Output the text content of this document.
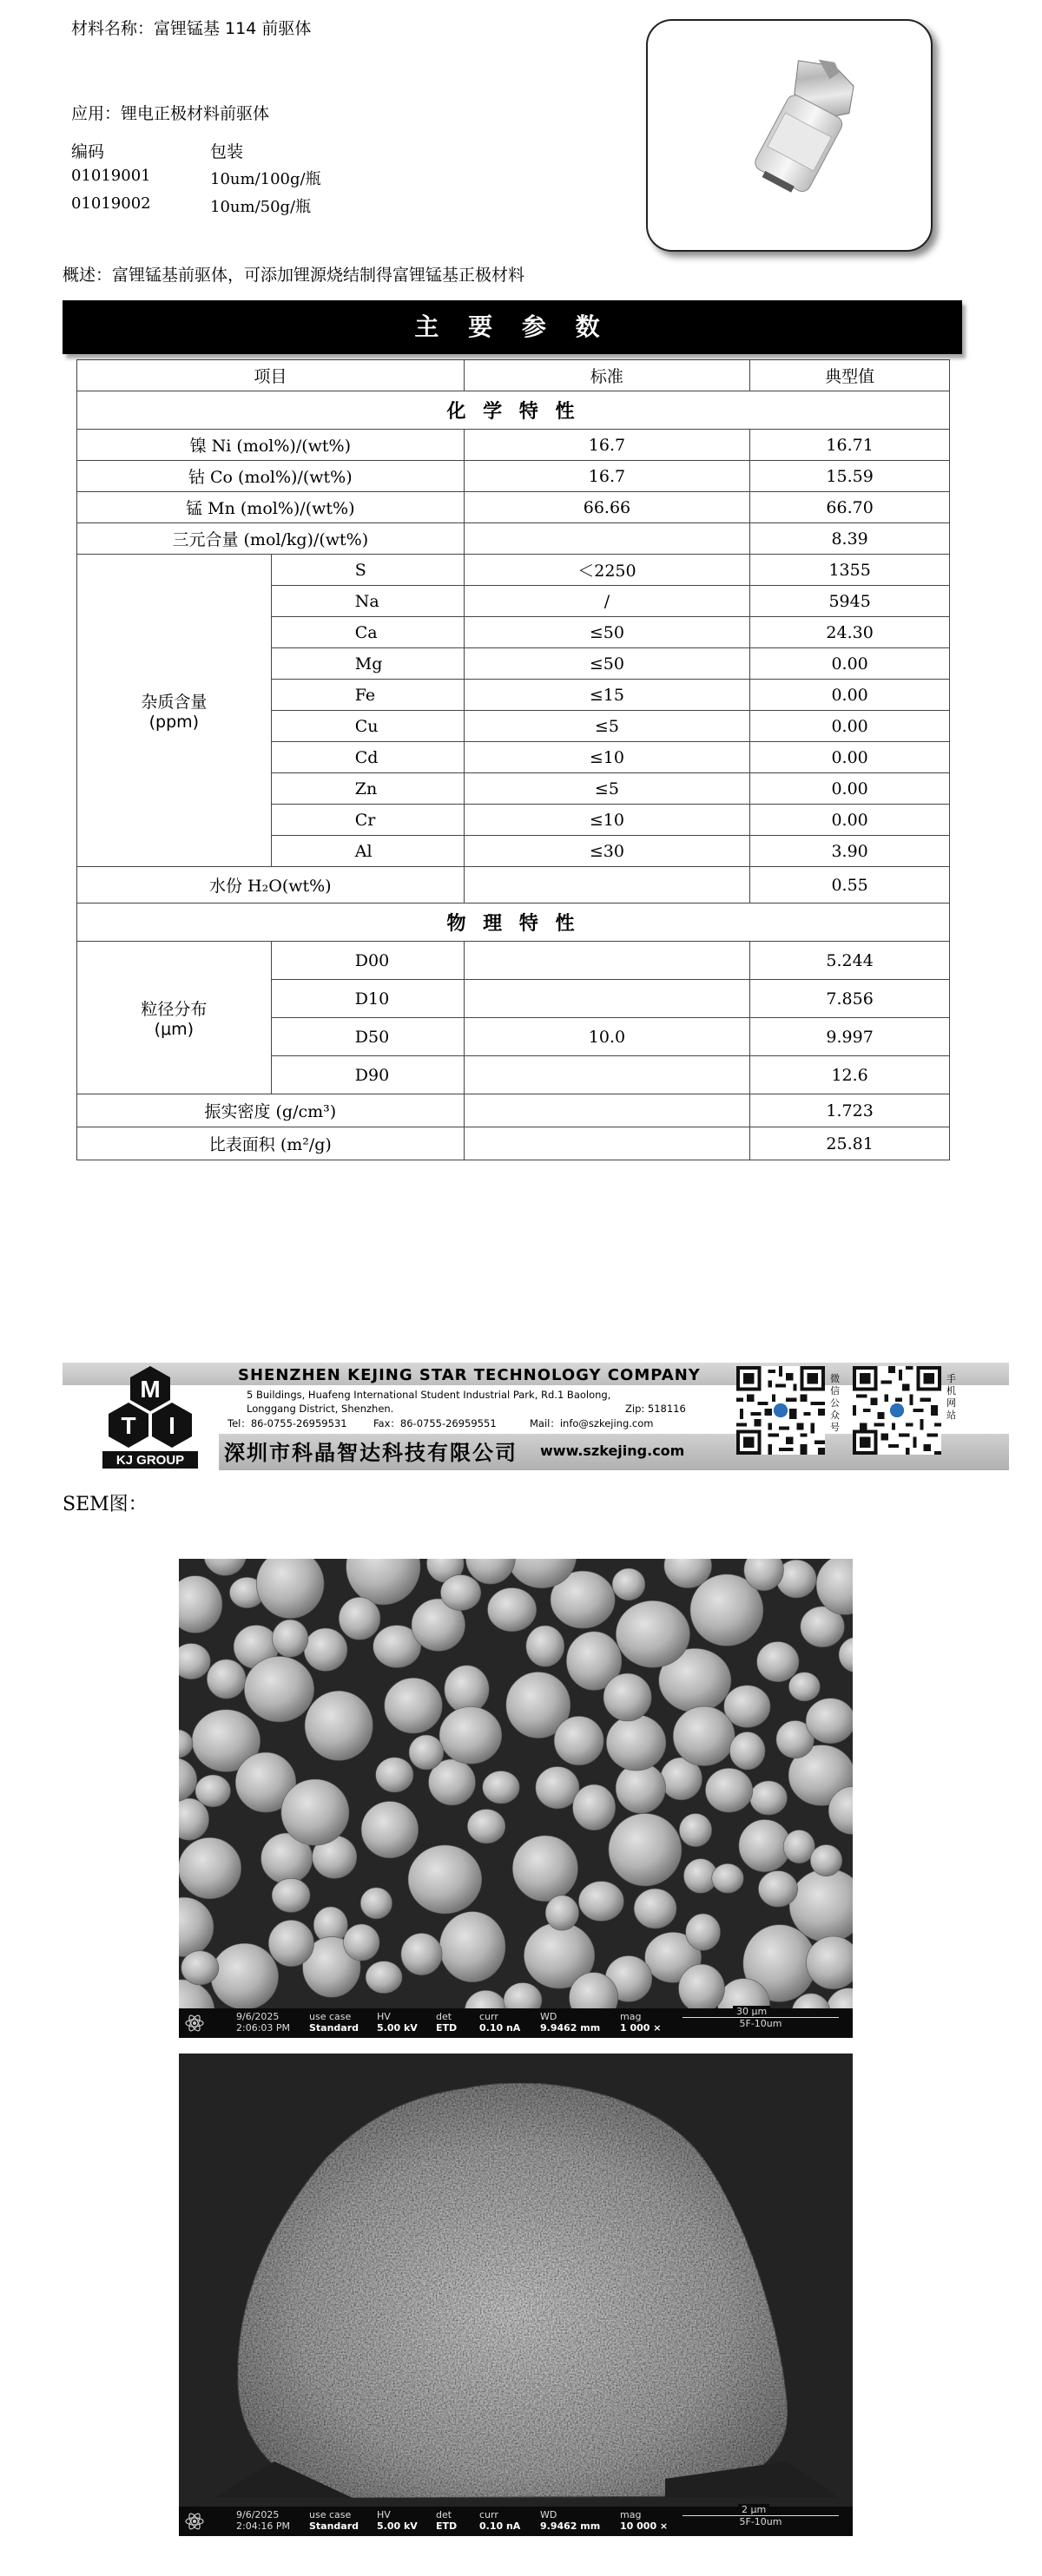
材料名称：富锂锰基 114 前驱体
应用：锂电正极材料前驱体
编码	包装
01019001	10um/100g/瓶
01019002	10um/50g/瓶
概述：富锂锰基前驱体，可添加锂源烧结制得富锂锰基正极材料
主 要 参 数
项目		标准	典型值
化 学 特 性			
镍 Ni (mol%)/(wt%)		16.7	16.71
钴 Co (mol%)/(wt%)		16.7	15.59
锰 Mn (mol%)/(wt%)		66.66	66.70
三元合量 (mol/kg)/(wt%)			8.39

杂质含量
(ppm)	S	＜2250	1355
	Na	/	5945
	Ca	≤50	24.30
	Mg	≤50	0.00
	Fe	≤15	0.00
	Cu	≤5	0.00
	Cd	≤10	0.00
	Zn	≤5	0.00
	Cr	≤10	0.00
	Al	≤30	3.90
水份 H₂O(wt%)			0.55
物 理 特 性			

粒径分布
(μm)	D00		5.244
	D10		7.856
	D50	10.0	9.997
	D90		12.6
振实密度 (g/cm³)			1.723
比表面积 (m²/g)			25.81
M
T I
KJ GROUP
SHENZHEN KEJING STAR TECHNOLOGY COMPANY
5 Buildings, Huafeng International Student Industrial Park, Rd.1 Baolong,
Longgang District, Shenzhen.	Zip: 518116
Tel：86-0755-26959531	Fax：86-0755-26959551	Mail：info@szkejing.com
深圳市科晶智达科技有限公司 www.szkejing.com
微信公众号
手机网站
SEM图：
9/6/2025
2:06:03 PM
use case
Standard
HV
5.00 kV
det
ETD
curr
0.10 nA
WD
9.9462 mm
mag
1 000 ×
30 μm
5F-10um
9/6/2025
2:04:16 PM
use case
Standard
HV
5.00 kV
det
ETD
curr
0.10 nA
WD
9.9462 mm
mag
10 000 ×
2 μm
5F-10um
